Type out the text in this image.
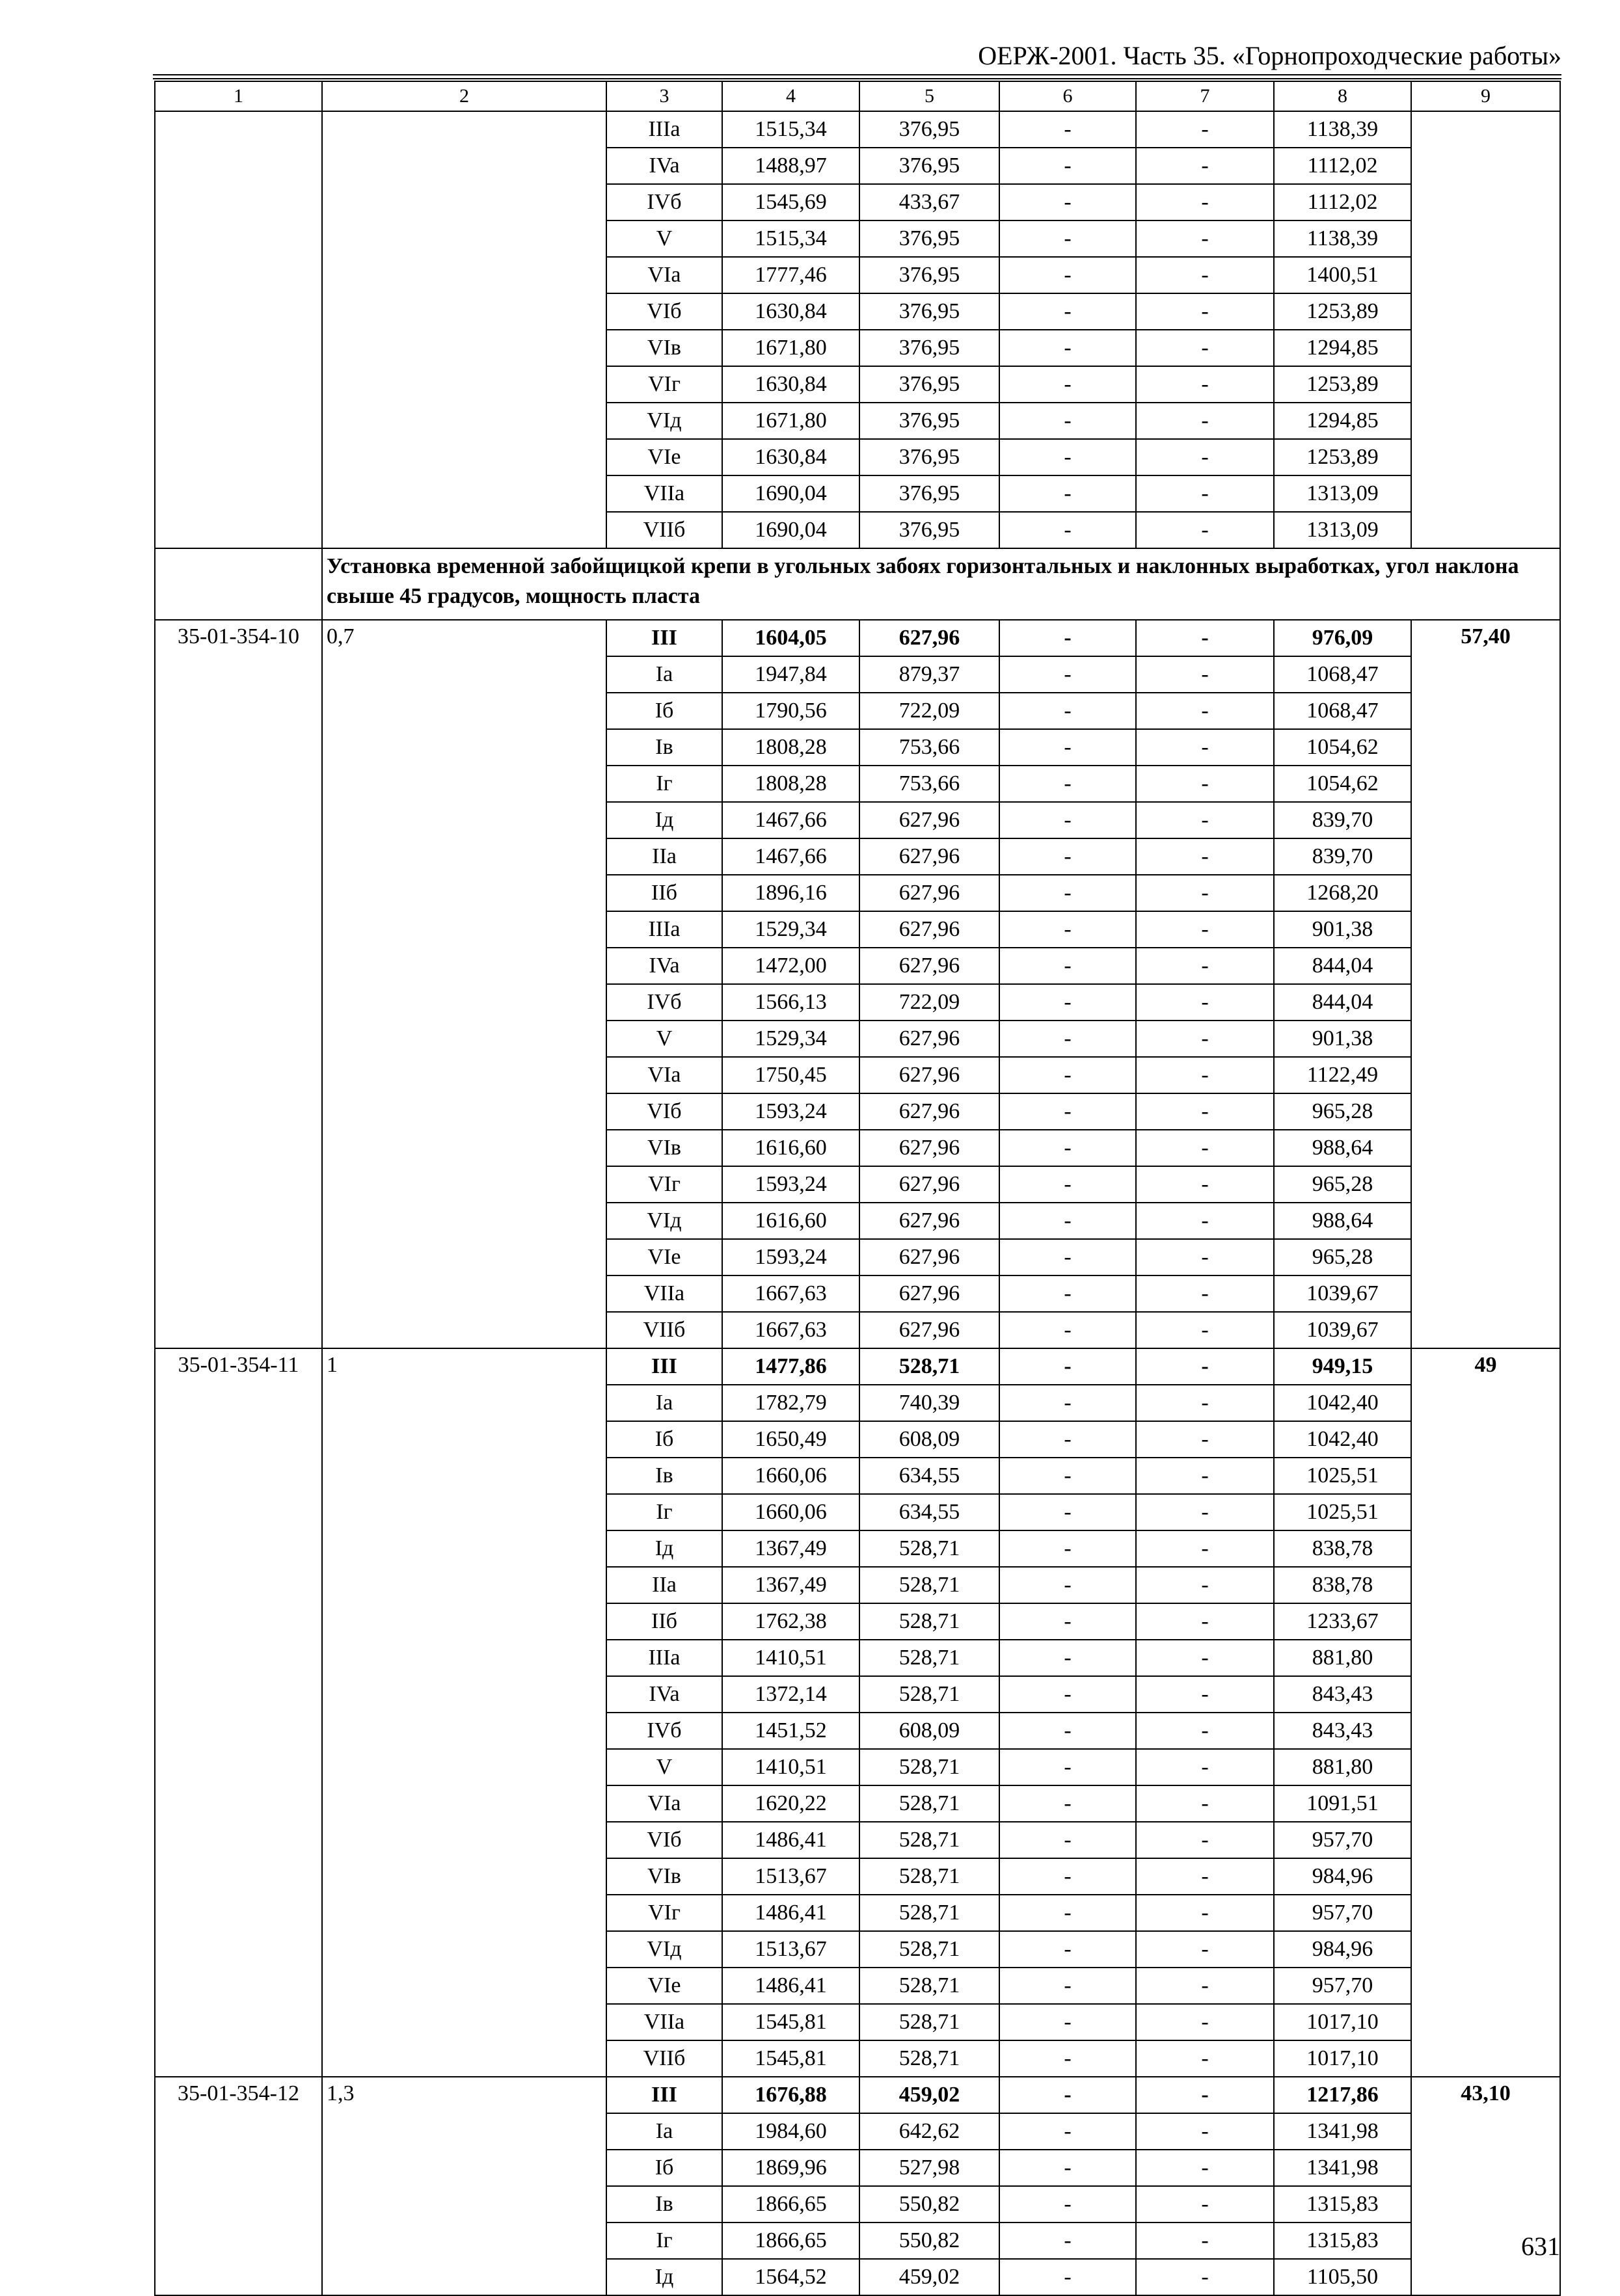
ОЕРЖ-2001. Часть 35. «Горнопроходческие работы»
1	2	3	4	5	6	7	8	9
		IIIa	1515,34	376,95	-	-	1138,39	
		IVa	1488,97	376,95	-	-	1112,02	
		IVб	1545,69	433,67	-	-	1112,02	
		V	1515,34	376,95	-	-	1138,39	
		VIa	1777,46	376,95	-	-	1400,51	
		VIб	1630,84	376,95	-	-	1253,89	
		VIв	1671,80	376,95	-	-	1294,85	
		VIг	1630,84	376,95	-	-	1253,89	
		VIд	1671,80	376,95	-	-	1294,85	
		VIe	1630,84	376,95	-	-	1253,89	
		VIIa	1690,04	376,95	-	-	1313,09	
		VIIб	1690,04	376,95	-	-	1313,09	
	Установка временной забойщицкой крепи в угольных забоях горизонтальных и наклонных выработках, угол наклона свыше 45 градусов, мощность пласта							
35-01-354-10	0,7	III	1604,05	627,96	-	-	976,09	57,40
		Ia	1947,84	879,37	-	-	1068,47	
		Iб	1790,56	722,09	-	-	1068,47	
		Iв	1808,28	753,66	-	-	1054,62	
		Iг	1808,28	753,66	-	-	1054,62	
		Iд	1467,66	627,96	-	-	839,70	
		IIa	1467,66	627,96	-	-	839,70	
		IIб	1896,16	627,96	-	-	1268,20	
		IIIa	1529,34	627,96	-	-	901,38	
		IVa	1472,00	627,96	-	-	844,04	
		IVб	1566,13	722,09	-	-	844,04	
		V	1529,34	627,96	-	-	901,38	
		VIa	1750,45	627,96	-	-	1122,49	
		VIб	1593,24	627,96	-	-	965,28	
		VIв	1616,60	627,96	-	-	988,64	
		VIг	1593,24	627,96	-	-	965,28	
		VIд	1616,60	627,96	-	-	988,64	
		VIe	1593,24	627,96	-	-	965,28	
		VIIa	1667,63	627,96	-	-	1039,67	
		VIIб	1667,63	627,96	-	-	1039,67	
35-01-354-11	1	III	1477,86	528,71	-	-	949,15	49
		Ia	1782,79	740,39	-	-	1042,40	
		Iб	1650,49	608,09	-	-	1042,40	
		Iв	1660,06	634,55	-	-	1025,51	
		Iг	1660,06	634,55	-	-	1025,51	
		Iд	1367,49	528,71	-	-	838,78	
		IIa	1367,49	528,71	-	-	838,78	
		IIб	1762,38	528,71	-	-	1233,67	
		IIIa	1410,51	528,71	-	-	881,80	
		IVa	1372,14	528,71	-	-	843,43	
		IVб	1451,52	608,09	-	-	843,43	
		V	1410,51	528,71	-	-	881,80	
		VIa	1620,22	528,71	-	-	1091,51	
		VIб	1486,41	528,71	-	-	957,70	
		VIв	1513,67	528,71	-	-	984,96	
		VIг	1486,41	528,71	-	-	957,70	
		VIд	1513,67	528,71	-	-	984,96	
		VIe	1486,41	528,71	-	-	957,70	
		VIIa	1545,81	528,71	-	-	1017,10	
		VIIб	1545,81	528,71	-	-	1017,10	
35-01-354-12	1,3	III	1676,88	459,02	-	-	1217,86	43,10
		Ia	1984,60	642,62	-	-	1341,98	
		Iб	1869,96	527,98	-	-	1341,98	
		Iв	1866,65	550,82	-	-	1315,83	
		Iг	1866,65	550,82	-	-	1315,83	
		Iд	1564,52	459,02	-	-	1105,50	
631
